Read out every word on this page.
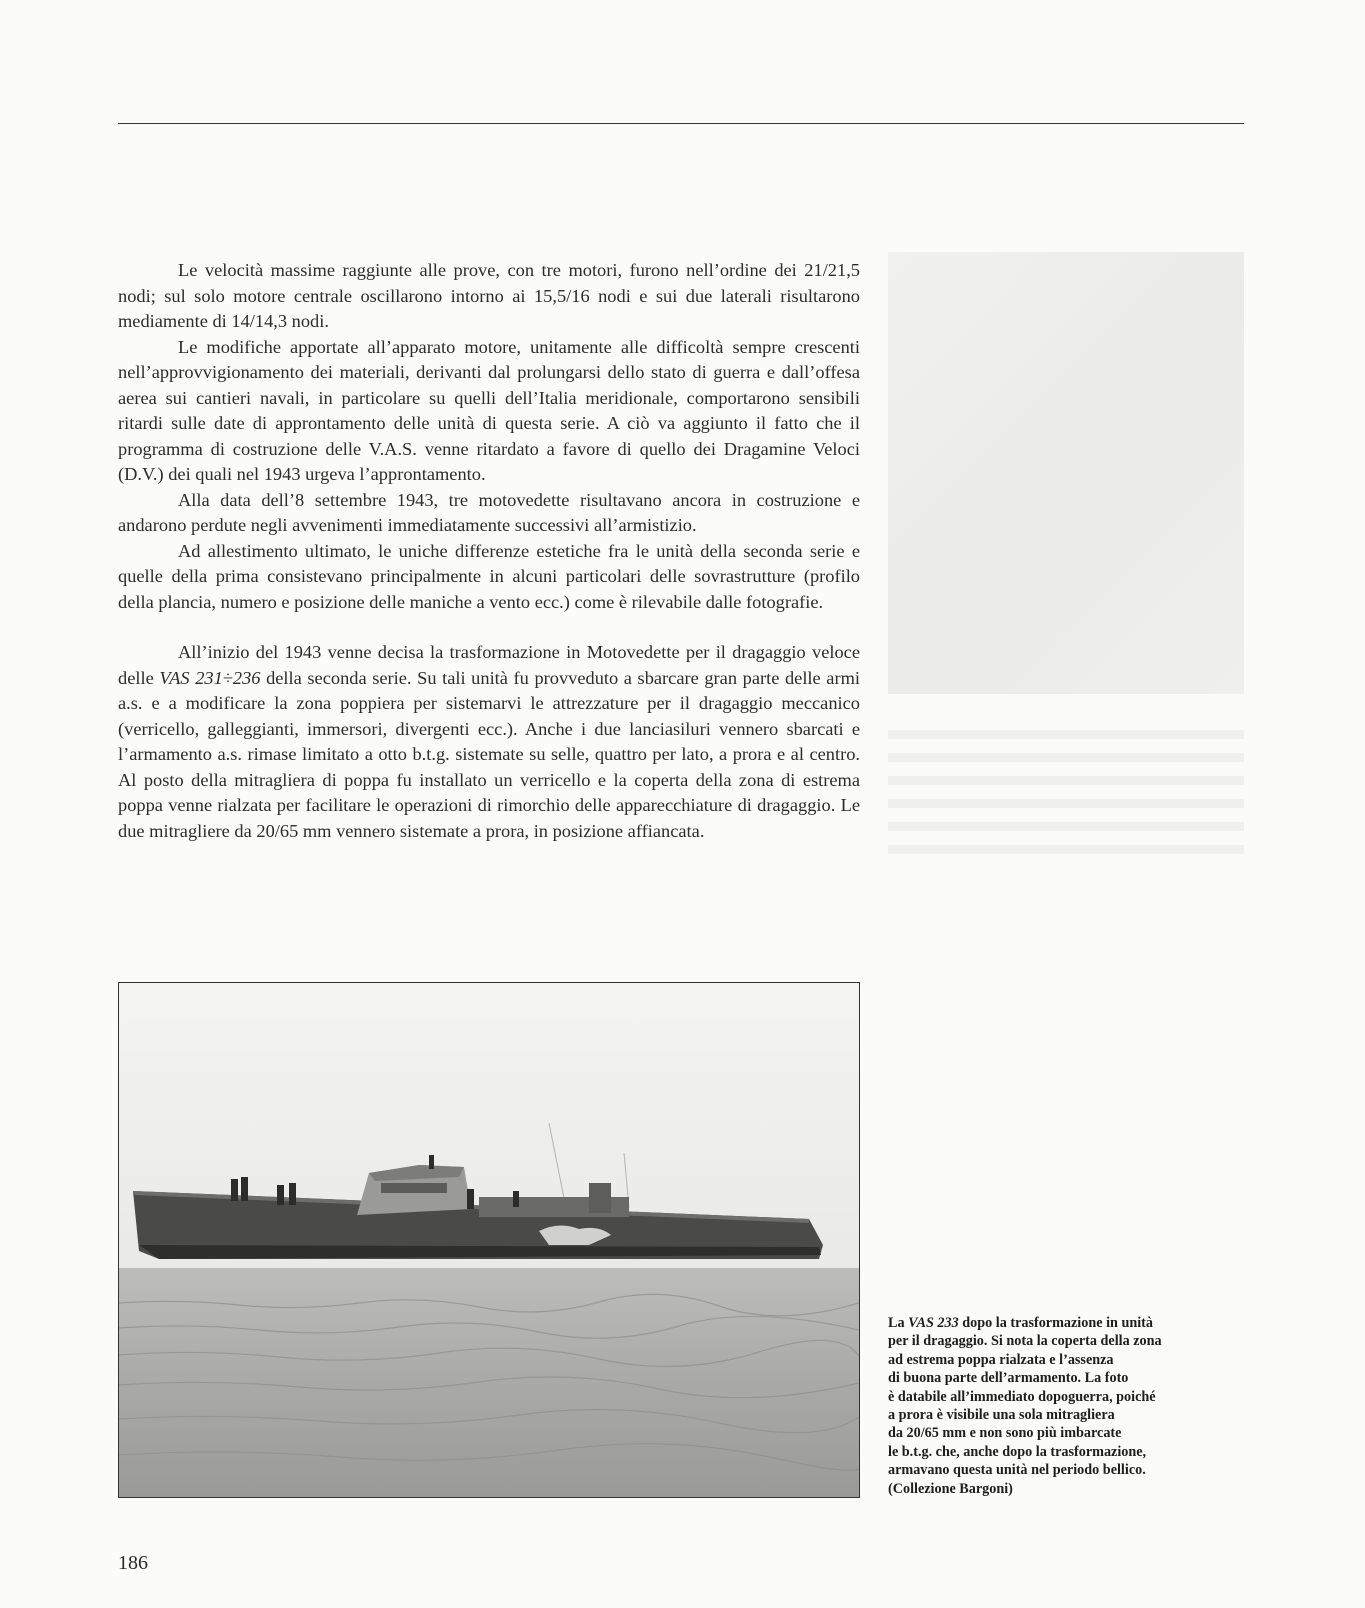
Le velocità massime raggiunte alle prove, con tre motori, furono nell’ordine dei 21/21,5 nodi; sul solo motore centrale oscillarono intorno ai 15,5/16 nodi e sui due laterali risultarono mediamente di 14/14,3 nodi.

Le modifiche apportate all’apparato motore, unitamente alle difficoltà sempre crescenti nell’approvvigionamento dei materiali, derivanti dal prolungarsi dello stato di guerra e dall’offesa aerea sui cantieri navali, in particolare su quelli dell’Italia meridionale, comportarono sensibili ritardi sulle date di approntamento delle unità di questa serie. A ciò va aggiunto il fatto che il programma di costruzione delle V.A.S. venne ritardato a favore di quello dei Dragamine Veloci (D.V.) dei quali nel 1943 urgeva l’approntamento.

Alla data dell’8 settembre 1943, tre motovedette risultavano ancora in costruzione e andarono perdute negli avvenimenti immediatamente successivi all’armistizio.

Ad allestimento ultimato, le uniche differenze estetiche fra le unità della seconda serie e quelle della prima consistevano principalmente in alcuni particolari delle sovrastrutture (profilo della plancia, numero e posizione delle maniche a vento ecc.) come è rilevabile dalle fotografie.

All’inizio del 1943 venne decisa la trasformazione in Motovedette per il dragaggio veloce delle VAS 231÷236 della seconda serie. Su tali unità fu provveduto a sbarcare gran parte delle armi a.s. e a modificare la zona poppiera per sistemarvi le attrezzature per il dragaggio meccanico (verricello, galleggianti, immersori, divergenti ecc.). Anche i due lanciasiluri vennero sbarcati e l’armamento a.s. rimase limitato a otto b.t.g. sistemate su selle, quattro per lato, a prora e al centro. Al posto della mitragliera di poppa fu installato un verricello e la coperta della zona di estrema poppa venne rialzata per facilitare le operazioni di rimorchio delle apparecchiature di dragaggio. Le due mitragliere da 20/65 mm vennero sistemate a prora, in posizione affiancata.

La VAS 233 dopo la trasformazione in unità
per il dragaggio. Si nota la coperta della zona
ad estrema poppa rialzata e l’assenza
di buona parte dell’armamento. La foto
è databile all’immediato dopoguerra, poiché
a prora è visibile una sola mitragliera
da 20/65 mm e non sono più imbarcate
le b.t.g. che, anche dopo la trasformazione,
armavano questa unità nel periodo bellico.
(Collezione Bargoni)
186
